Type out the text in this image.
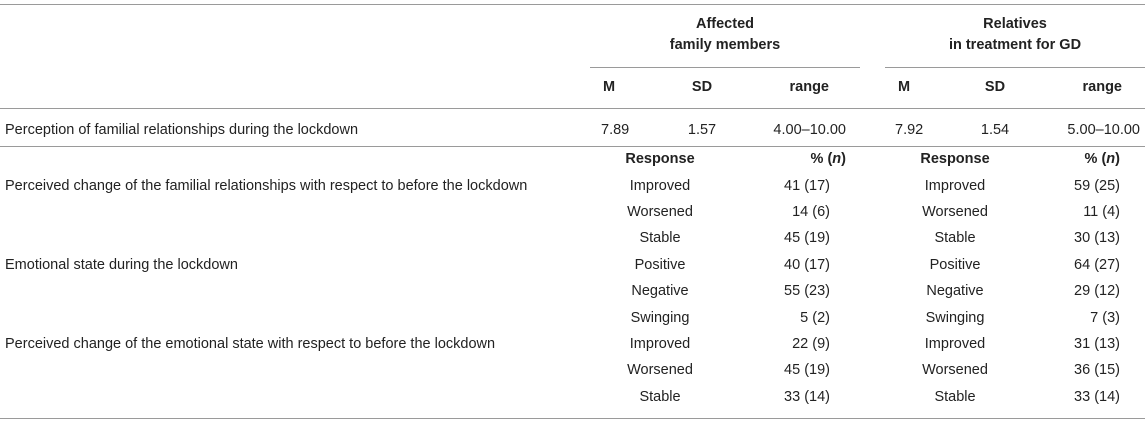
Affected
family members
Relatives
in treatment for GD
M	SD	range	M	SD	range
Perception of familial relationships during the lockdown	7.89	1.57	4.00–10.00	7.92	1.54	5.00–10.00
Response	% (n)	Response	% (n)
Perceived change of the familial relationships with respect to before the lockdown	Improved	41 (17)	Improved	59 (25)
Worsened	14 (6)	Worsened	11 (4)
Stable	45 (19)	Stable	30 (13)
Emotional state during the lockdown	Positive	40 (17)	Positive	64 (27)
Negative	55 (23)	Negative	29 (12)
Swinging	5 (2)	Swinging	7 (3)
Perceived change of the emotional state with respect to before the lockdown	Improved	22 (9)	Improved	31 (13)
Worsened	45 (19)	Worsened	36 (15)
Stable	33 (14)	Stable	33 (14)
